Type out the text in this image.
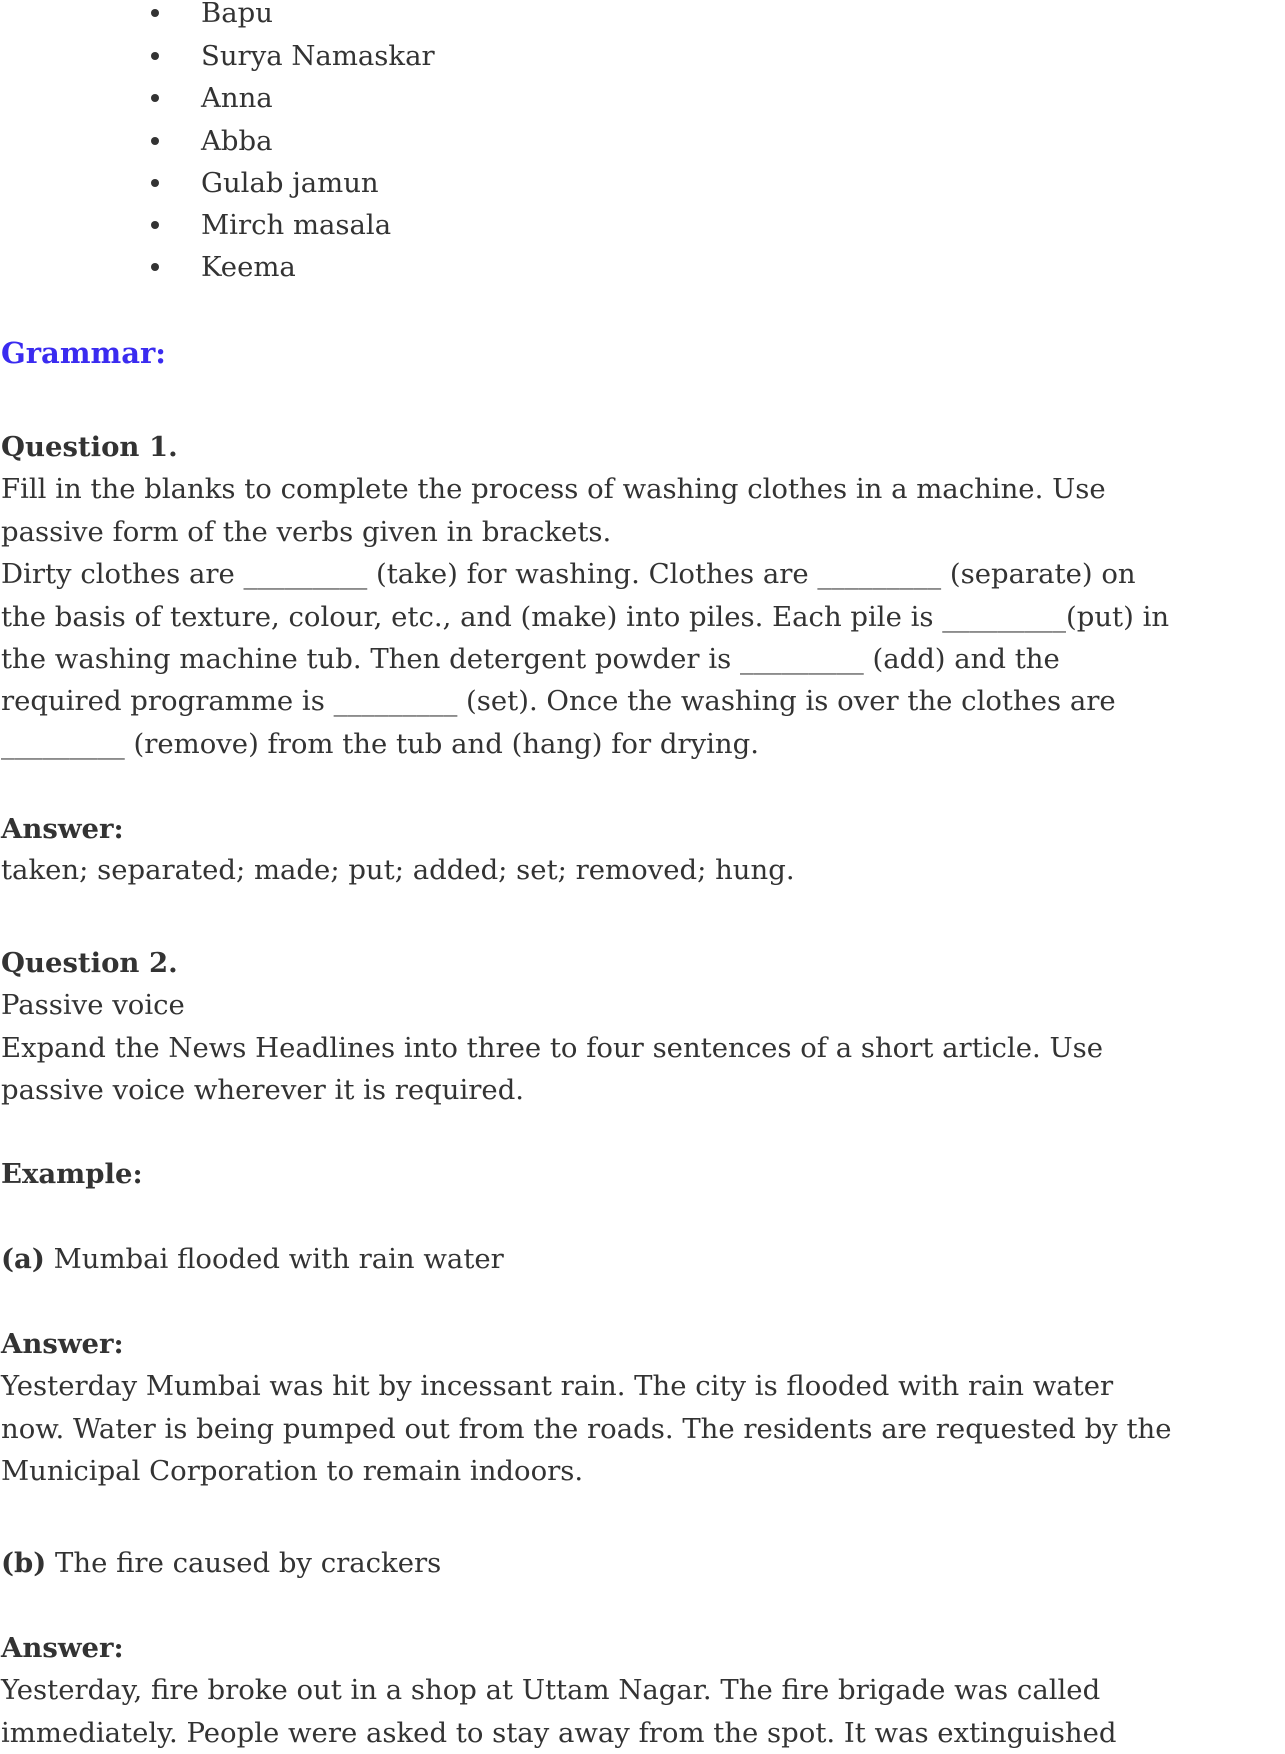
Bapu
Surya Namaskar
Anna
Abba
Gulab jamun
Mirch masala
Keema
Grammar:
Question 1.
Fill in the blanks to complete the process of washing clothes in a machine. Use
passive form of the verbs given in brackets.
Dirty clothes are _________ (take) for washing. Clothes are _________ (separate) on
the basis of texture, colour, etc., and (make) into piles. Each pile is _________(put) in
the washing machine tub. Then detergent powder is _________ (add) and the
required programme is _________ (set). Once the washing is over the clothes are
_________ (remove) from the tub and (hang) for drying.
Answer:
taken; separated; made; put; added; set; removed; hung.
Question 2.
Passive voice
Expand the News Headlines into three to four sentences of a short article. Use
passive voice wherever it is required.
Example:
(a) Mumbai flooded with rain water
Answer:
Yesterday Mumbai was hit by incessant rain. The city is flooded with rain water
now. Water is being pumped out from the roads. The residents are requested by the
Municipal Corporation to remain indoors.
(b) The fire caused by crackers
Answer:
Yesterday, fire broke out in a shop at Uttam Nagar. The fire brigade was called
immediately. People were asked to stay away from the spot. It was extinguished
